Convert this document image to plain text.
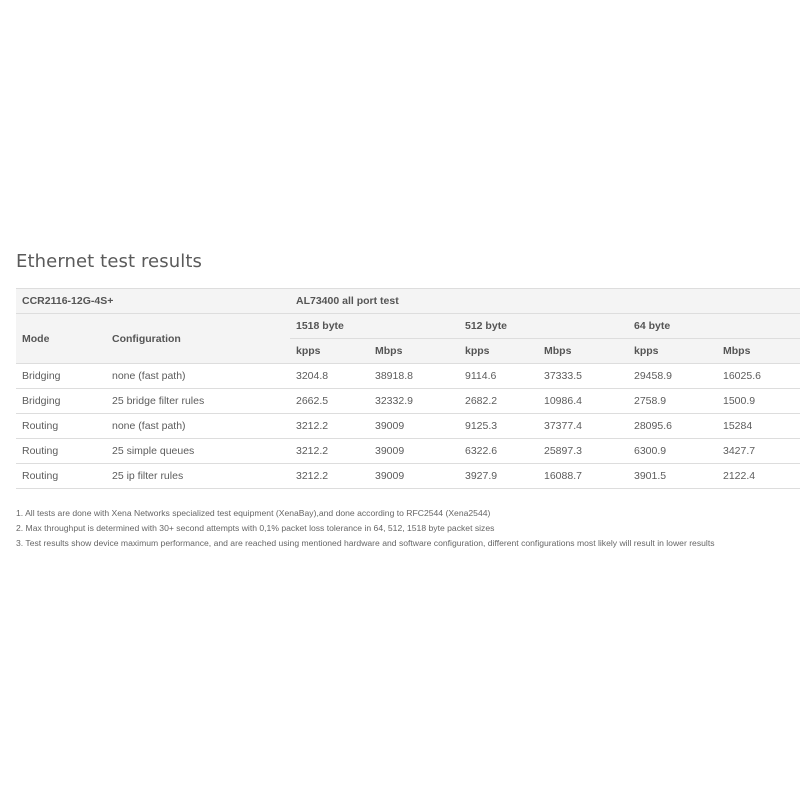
Ethernet test results
CCR2116-12G-4S+		AL73400 all port test					
Mode	Configuration	1518 byte		512 byte		64 byte	
		kpps	Mbps	kpps	Mbps	kpps	Mbps
Bridging	none (fast path)	3204.8	38918.8	9114.6	37333.5	29458.9	16025.6
Bridging	25 bridge filter rules	2662.5	32332.9	2682.2	10986.4	2758.9	1500.9
Routing	none (fast path)	3212.2	39009	9125.3	37377.4	28095.6	15284
Routing	25 simple queues	3212.2	39009	6322.6	25897.3	6300.9	3427.7
Routing	25 ip filter rules	3212.2	39009	3927.9	16088.7	3901.5	2122.4
1. All tests are done with Xena Networks specialized test equipment (XenaBay),and done according to RFC2544 (Xena2544)
2. Max throughput is determined with 30+ second attempts with 0,1% packet loss tolerance in 64, 512, 1518 byte packet sizes
3. Test results show device maximum performance, and are reached using mentioned hardware and software configuration, different configurations most likely will result in lower results
